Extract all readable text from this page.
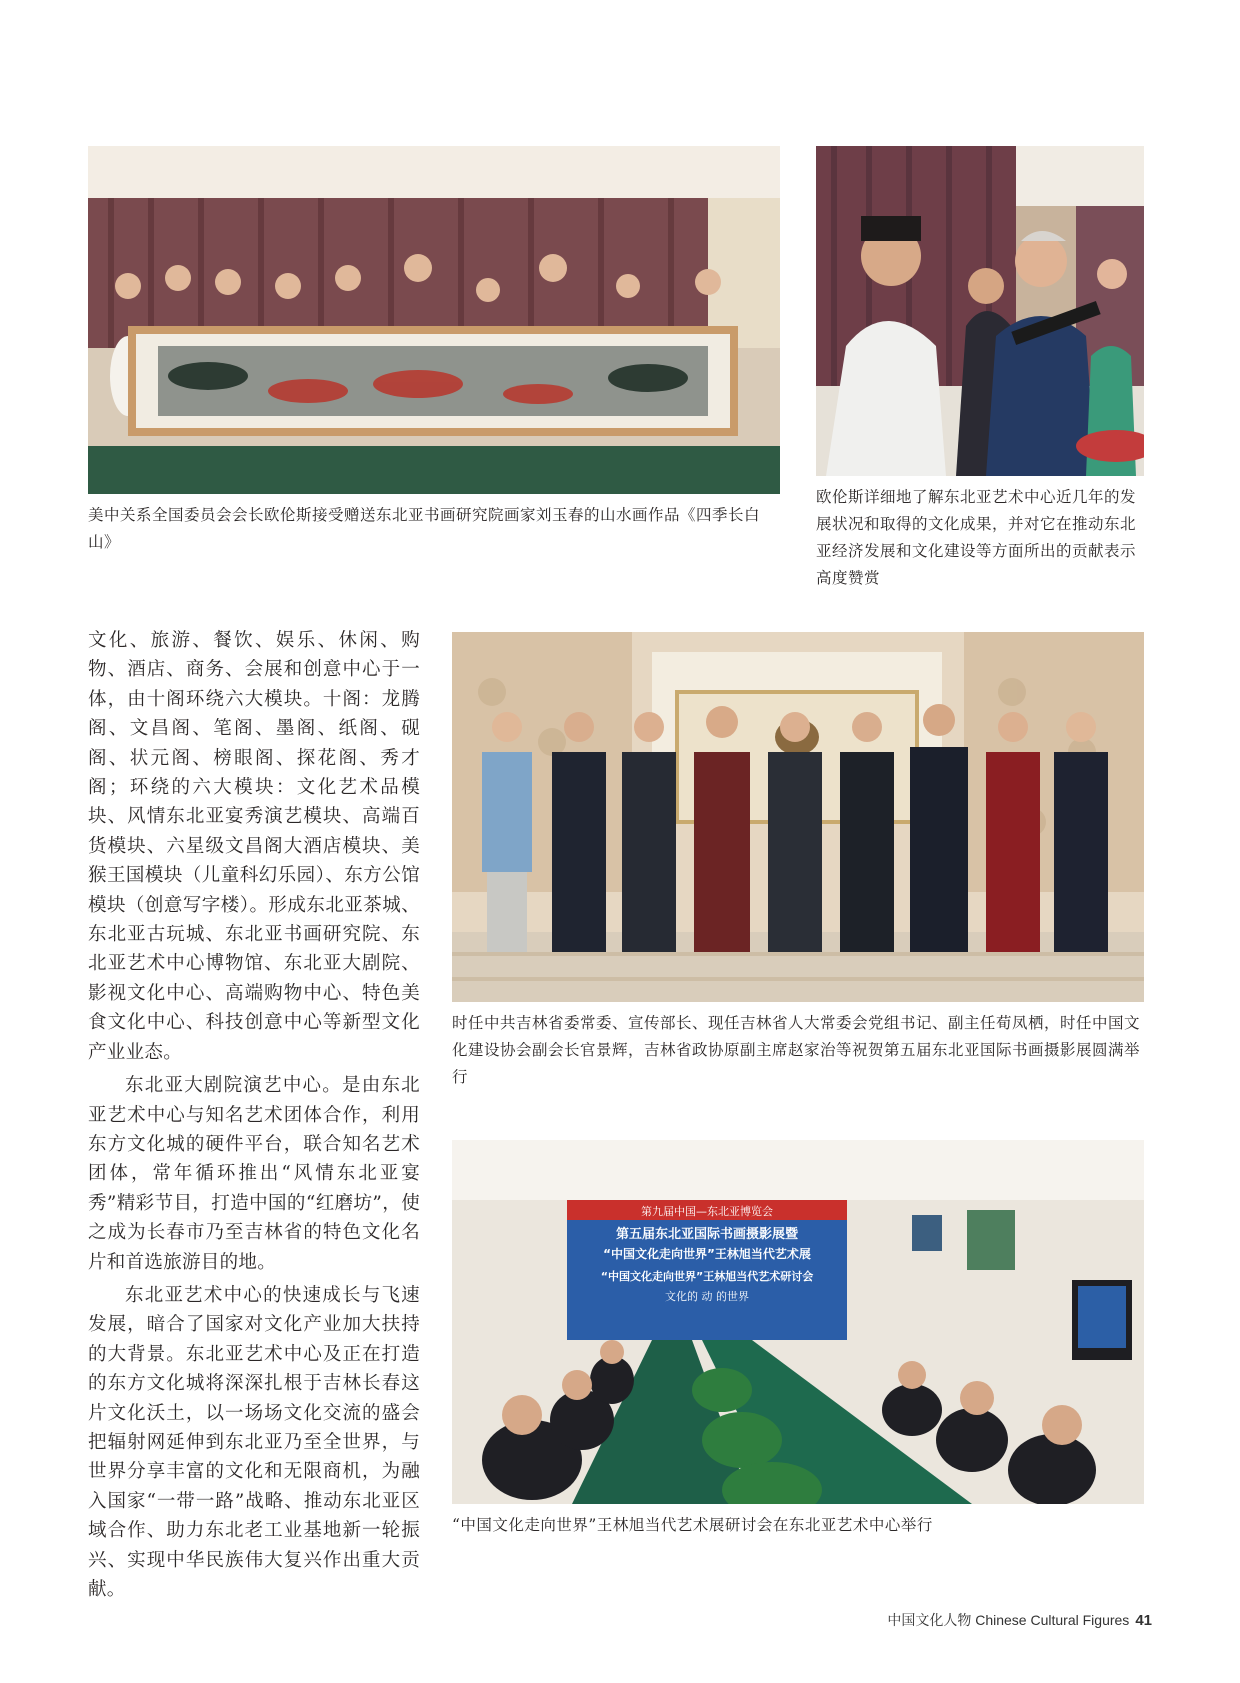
美中关系全国委员会会长欧伦斯接受赠送东北亚书画研究院画家刘玉春的山水画作品《四季长白山》
欧伦斯详细地了解东北亚艺术中心近几年的发展状况和取得的文化成果，并对它在推动东北亚经济发展和文化建设等方面所出的贡献表示高度赞赏
时任中共吉林省委常委、宣传部长、现任吉林省人大常委会党组书记、副主任荀凤栖，时任中国文化建设协会副会长官景辉，吉林省政协原副主席赵家治等祝贺第五届东北亚国际书画摄影展圆满举行
第九届中国—东北亚博览会
第五届东北亚国际书画摄影展暨
“中国文化走向世界”王林旭当代艺术展
“中国文化走向世界”王林旭当代艺术研讨会
文化的 动 的世界
“中国文化走向世界”王林旭当代艺术展研讨会在东北亚艺术中心举行

文化、旅游、餐饮、娱乐、休闲、购物、酒店、商务、会展和创意中心于一体，由十阁环绕六大模块。十阁：龙腾阁、文昌阁、笔阁、墨阁、纸阁、砚阁、状元阁、榜眼阁、探花阁、秀才阁；环绕的六大模块：文化艺术品模块、风情东北亚宴秀演艺模块、高端百货模块、六星级文昌阁大酒店模块、美猴王国模块（儿童科幻乐园）、东方公馆模块（创意写字楼）。形成东北亚茶城、东北亚古玩城、东北亚书画研究院、东北亚艺术中心博物馆、东北亚大剧院、影视文化中心、高端购物中心、特色美食文化中心、科技创意中心等新型文化产业业态。

东北亚大剧院演艺中心。是由东北亚艺术中心与知名艺术团体合作，利用东方文化城的硬件平台，联合知名艺术团体，常年循环推出“风情东北亚宴秀”精彩节目，打造中国的“红磨坊”，使之成为长春市乃至吉林省的特色文化名片和首选旅游目的地。

东北亚艺术中心的快速成长与飞速发展，暗合了国家对文化产业加大扶持的大背景。东北亚艺术中心及正在打造的东方文化城将深深扎根于吉林长春这片文化沃土，以一场场文化交流的盛会把辐射网延伸到东北亚乃至全世界，与世界分享丰富的文化和无限商机，为融入国家“一带一路”战略、推动东北亚区域合作、助力东北老工业基地新一轮振兴、实现中华民族伟大复兴作出重大贡献。

中国文化人物 Chinese Cultural Figures 41
